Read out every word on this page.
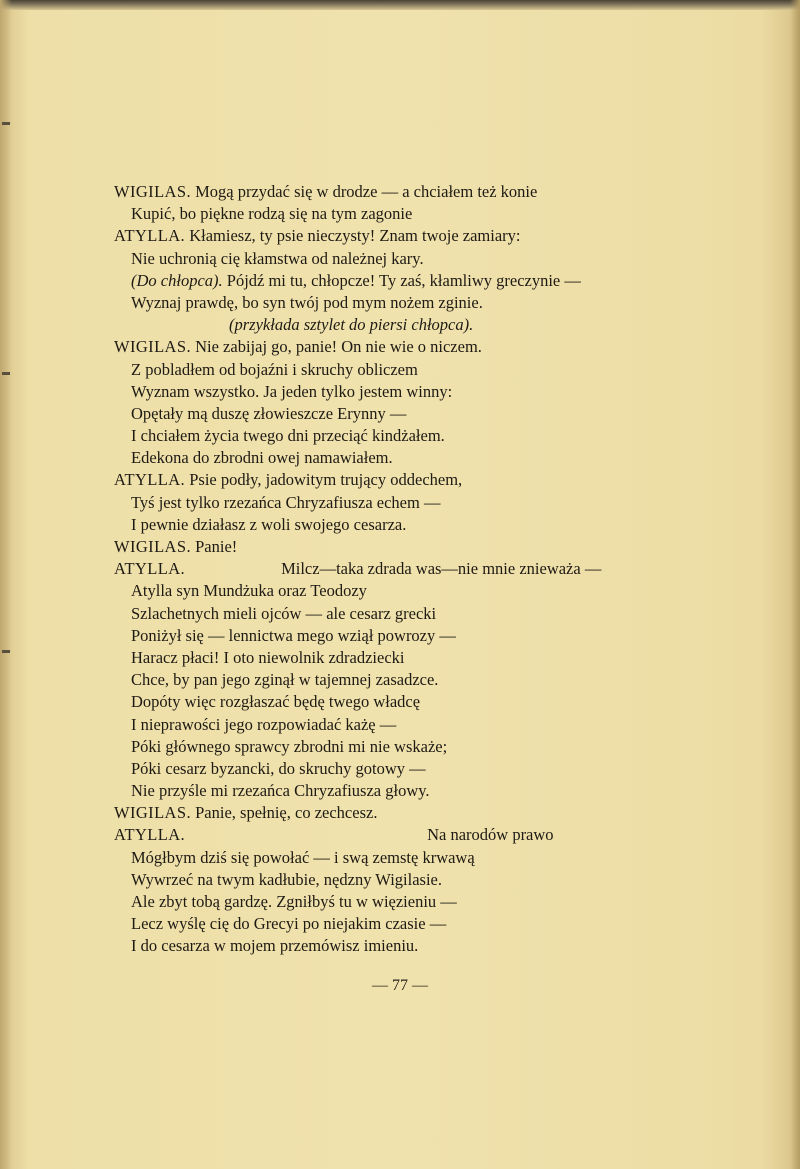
WIGILAS. Mogą przydać się w drodze — a chciałem też konie
Kupić, bo piękne rodzą się na tym zagonie
ATYLLA. Kłamiesz, ty psie nieczysty! Znam twoje zamiary:
Nie uchronią cię kłamstwa od należnej kary.
(Do chłopca). Pójdź mi tu, chłopcze! Ty zaś, kłamliwy greczynie —
Wyznaj prawdę, bo syn twój pod mym nożem zginie.
(przykłada sztylet do piersi chłopca).
WIGILAS. Nie zabijaj go, panie! On nie wie o niczem.
Z pobladłem od bojaźni i skruchy obliczem
Wyznam wszystko. Ja jeden tylko jestem winny:
Opętały mą duszę złowieszcze Erynny —
I chciałem życia twego dni przeciąć kindżałem.
Edekona do zbrodni owej namawiałem.
ATYLLA. Psie podły, jadowitym trujący oddechem,
Tyś jest tylko rzezańca Chryzafiusza echem —
I pewnie działasz z woli swojego cesarza.
WIGILAS. Panie!
ATYLLA.	Milcz—taka zdrada was—nie mnie znieważa —
Atylla syn Mundżuka oraz Teodozy
Szlachetnych mieli ojców — ale cesarz grecki
Poniżył się — lennictwa mego wziął powrozy —
Haracz płaci! I oto niewolnik zdradziecki
Chce, by pan jego zginął w tajemnej zasadzce.
Dopóty więc rozgłaszać będę twego władcę
I nieprawości jego rozpowiadać każę —
Póki głównego sprawcy zbrodni mi nie wskaże;
Póki cesarz byzancki, do skruchy gotowy —
Nie przyśle mi rzezańca Chryzafiusza głowy.
WIGILAS. Panie, spełnię, co zechcesz.
ATYLLA.	Na narodów prawo
Mógłbym dziś się powołać — i swą zemstę krwawą
Wywrzeć na twym kadłubie, nędzny Wigilasie.
Ale zbyt tobą gardzę. Zgniłbyś tu w więzieniu —
Lecz wyślę cię do Grecyi po niejakim czasie —
I do cesarza w mojem przemówisz imieniu.
— 77 —
